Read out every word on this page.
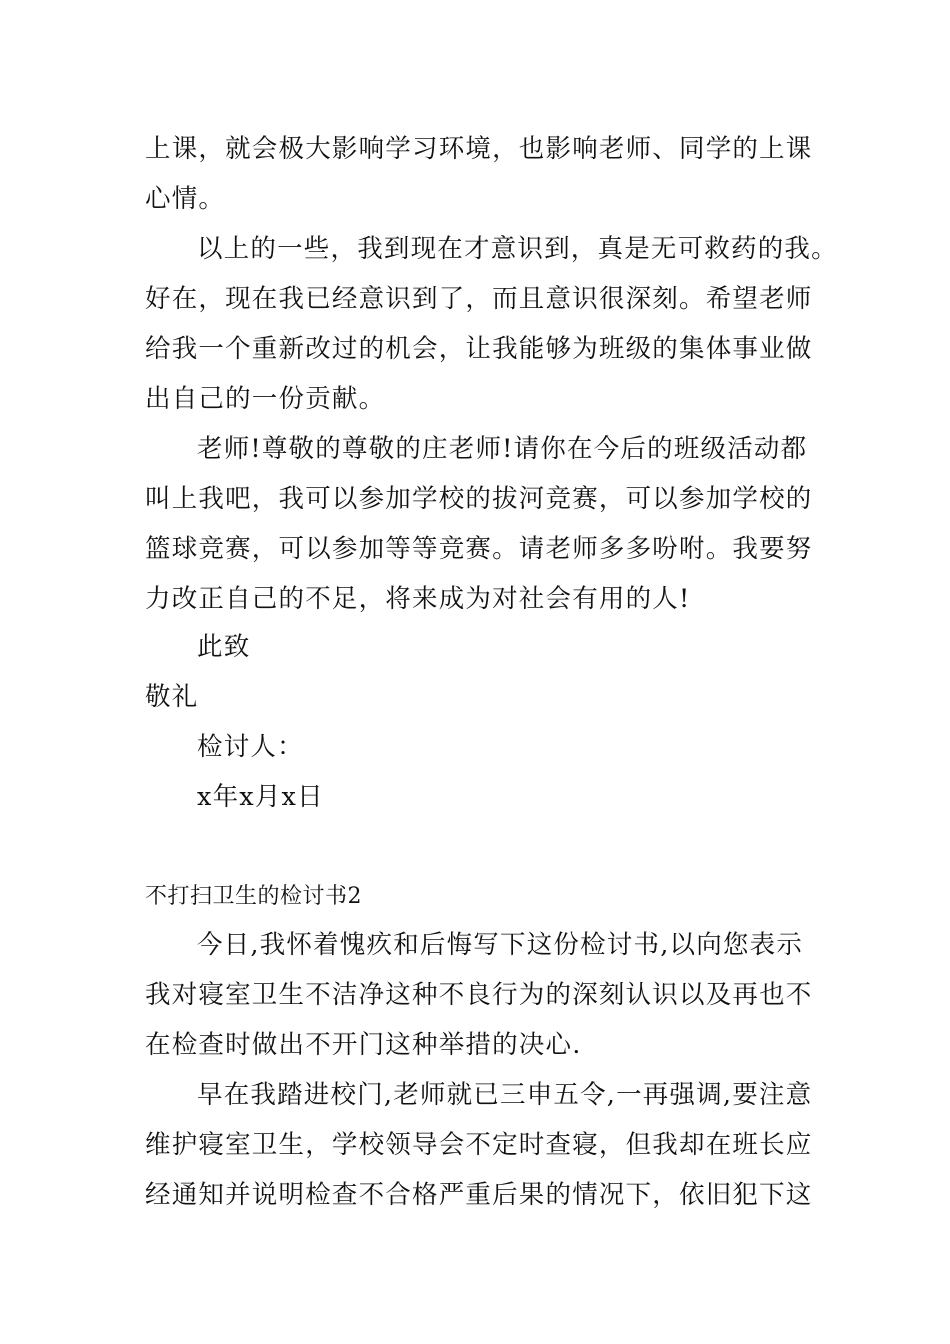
上课，就会极大影响学习环境，也影响老师、同学的上课
心情。
以上的一些，我到现在才意识到，真是无可救药的我。
好在，现在我已经意识到了，而且意识很深刻。希望老师
给我一个重新改过的机会，让我能够为班级的集体事业做
出自己的一份贡献。
老师!尊敬的尊敬的庄老师!请你在今后的班级活动都
叫上我吧，我可以参加学校的拔河竞赛，可以参加学校的
篮球竞赛，可以参加等等竞赛。请老师多多吩咐。我要努
力改正自己的不足，将来成为对社会有用的人!
此致
敬礼
检讨人：
x年x月x日
不打扫卫生的检讨书2
今日,我怀着愧疚和后悔写下这份检讨书,以向您表示
我对寝室卫生不洁净这种不良行为的深刻认识以及再也不
在检查时做出不开门这种举措的决心.
早在我踏进校门,老师就已三申五令,一再强调,要注意
维护寝室卫生，学校领导会不定时查寝，但我却在班长应
经通知并说明检查不合格严重后果的情况下，依旧犯下这
